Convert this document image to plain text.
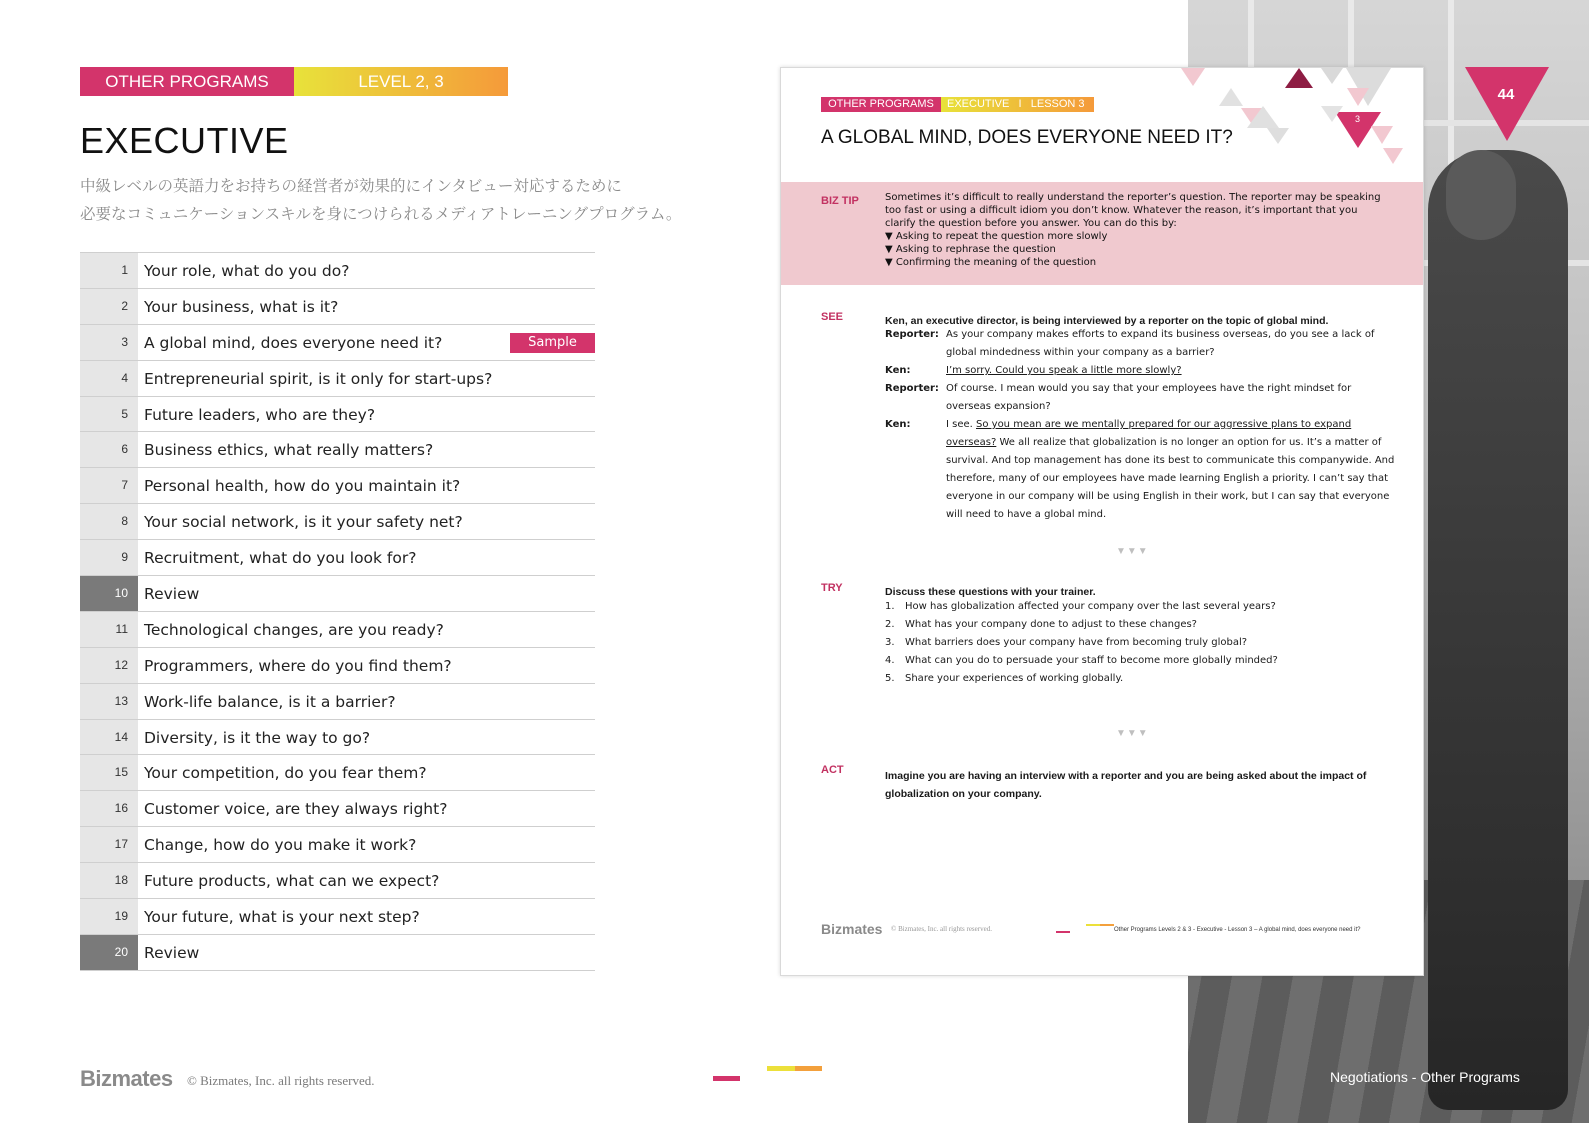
OTHER PROGRAMS	LEVEL 2, 3
EXECUTIVE
中級レベルの英語力をお持ちの経営者が効果的にインタビュー対応するために
必要なコミュニケーションスキルを身につけられるメディアトレーニングプログラム。
1	Your role, what do you do?
2	Your business, what is it?
3	A global mind, does everyone need it?	Sample
4	Entrepreneurial spirit, is it only for start-ups?
5	Future leaders, who are they?
6	Business ethics, what really matters?
7	Personal health, how do you maintain it?
8	Your social network, is it your safety net?
9	Recruitment, what do you look for?
10	Review
11	Technological changes, are you ready?
12	Programmers, where do you find them?
13	Work-life balance, is it a barrier?
14	Diversity, is it the way to go?
15	Your competition, do you fear them?
16	Customer voice, are they always right?
17	Change, how do you make it work?
18	Future products, what can we expect?
19	Your future, what is your next step?
20	Review
Bizmates © Bizmates, Inc. all rights reserved.	Negotiations - Other Programs
OTHER PROGRAMS	EXECUTIVE   I   LESSON 3
3
A GLOBAL MIND, DOES EVERYONE NEED IT?
BIZ TIP	Sometimes it’s difficult to really understand the reporter’s question. The reporter may be speaking too fast or using a difficult idiom you don’t know. Whatever the reason, it’s important that you clarify the question before you answer. You can do this by:
▼ Asking to repeat the question more slowly
▼ Asking to rephrase the question
▼ Confirming the meaning of the question
SEE	Ken, an executive director, is being interviewed by a reporter on the topic of global mind.
Reporter: As your company makes efforts to expand its business overseas, do you see a lack of global mindedness within your company as a barrier?
Ken:	I’m sorry. Could you speak a little more slowly?
Reporter: Of course. I mean would you say that your employees have the right mindset for overseas expansion?
Ken:	I see. So you mean are we mentally prepared for our aggressive plans to expand overseas? We all realize that globalization is no longer an option for us. It’s a matter of survival. And top management has done its best to communicate this companywide. And therefore, many of our employees have made learning English a priority. I can’t say that everyone in our company will be using English in their work, but I can say that everyone will need to have a global mind.
▼▼▼
TRY	Discuss these questions with your trainer.
1. How has globalization affected your company over the last several years?
2. What has your company done to adjust to these changes?
3. What barriers does your company have from becoming truly global?
4. What can you do to persuade your staff to become more globally minded?
5. Share your experiences of working globally.
▼▼▼
ACT	Imagine you are having an interview with a reporter and you are being asked about the impact of globalization on your company.
Bizmates © Bizmates, Inc. all rights reserved.	Other Programs Levels 2 & 3 - Executive - Lesson 3 – A global mind, does everyone need it?
44
